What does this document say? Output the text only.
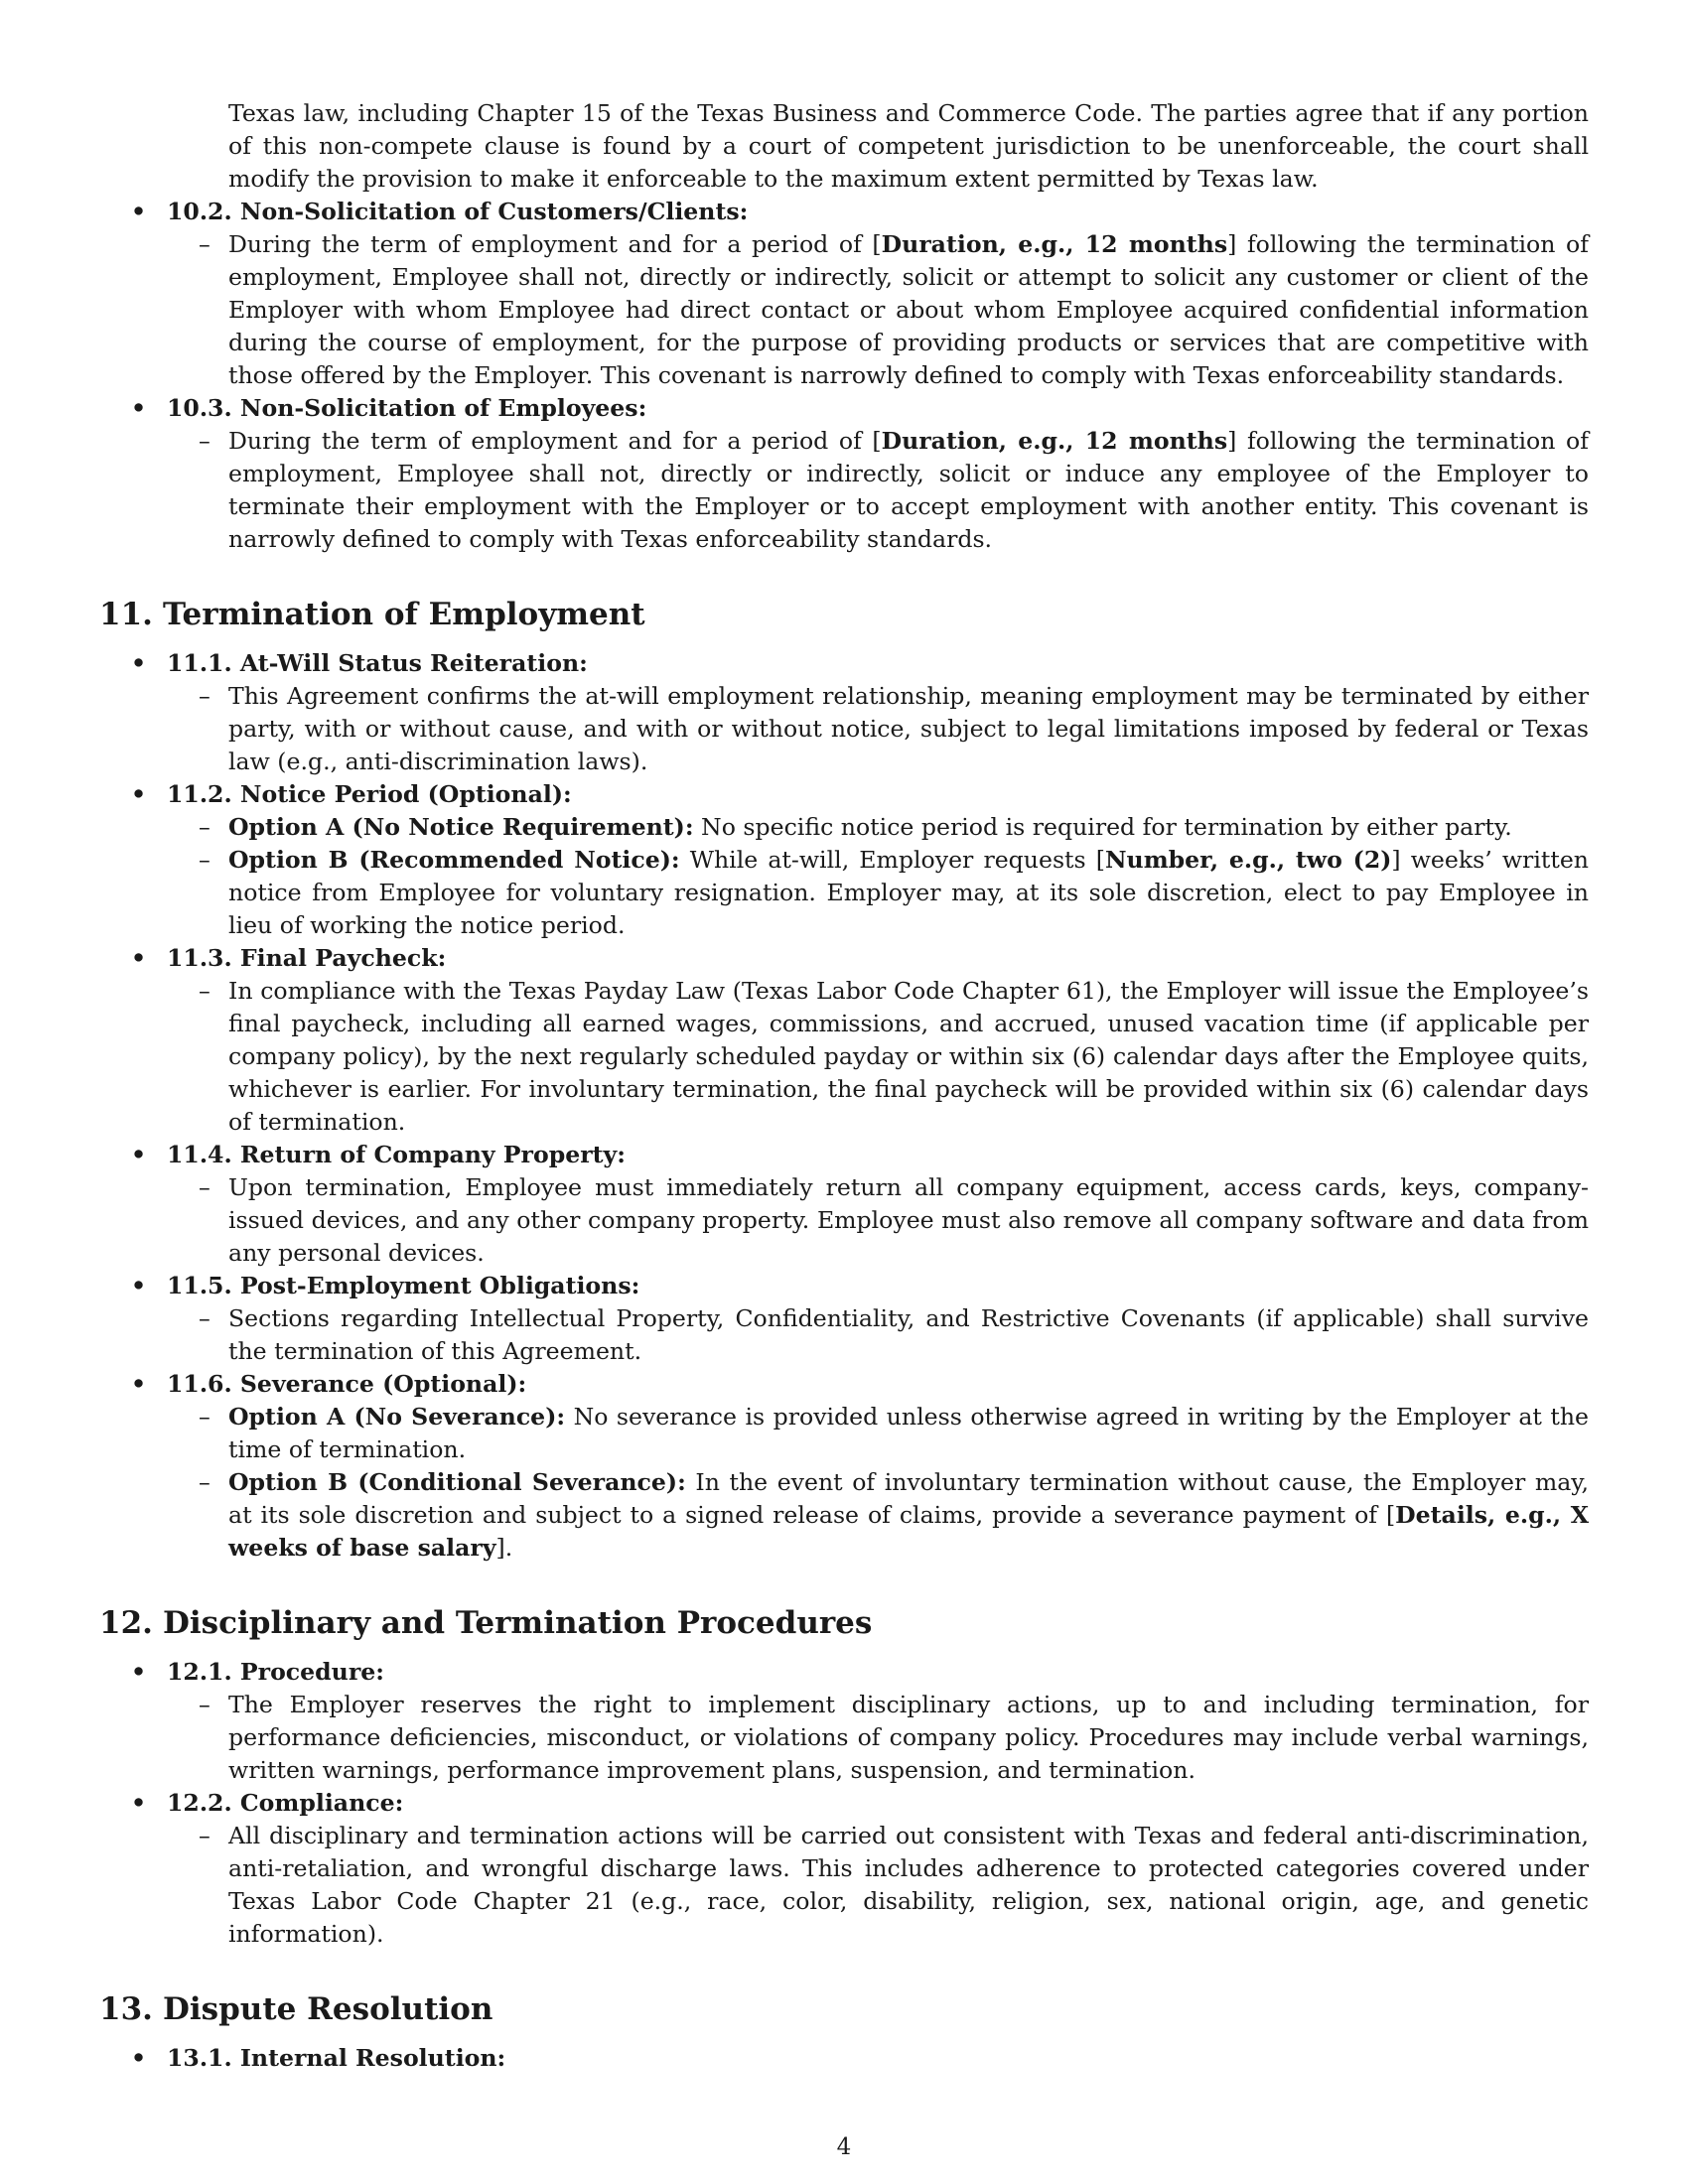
Texas law, including Chapter 15 of the Texas Business and Commerce Code. The parties agree that if any portion of this non-compete clause is found by a court of competent jurisdiction to be unenforceable, the court shall modify the provision to make it enforceable to the maximum extent permitted by Texas law.
• 10.2. Non-Solicitation of Customers/Clients:
– During the term of employment and for a period of [Duration, e.g., 12 months] following the termination of employment, Employee shall not, directly or indirectly, solicit or attempt to solicit any customer or client of the Employer with whom Employee had direct contact or about whom Employee acquired confidential information during the course of employment, for the purpose of providing products or services that are competitive with those offered by the Employer. This covenant is narrowly defined to comply with Texas enforceability standards.
• 10.3. Non-Solicitation of Employees:
– During the term of employment and for a period of [Duration, e.g., 12 months] following the termination of employment, Employee shall not, directly or indirectly, solicit or induce any employee of the Employer to terminate their employment with the Employer or to accept employment with another entity. This covenant is narrowly defined to comply with Texas enforceability standards.
11. Termination of Employment
• 11.1. At-Will Status Reiteration:
– This Agreement confirms the at-will employment relationship, meaning employment may be terminated by either party, with or without cause, and with or without notice, subject to legal limitations imposed by federal or Texas law (e.g., anti-discrimination laws).
• 11.2. Notice Period (Optional):
– Option A (No Notice Requirement): No specific notice period is required for termination by either party.
– Option B (Recommended Notice): While at-will, Employer requests [Number, e.g., two (2)] weeks’ written notice from Employee for voluntary resignation. Employer may, at its sole discretion, elect to pay Employee in lieu of working the notice period.
• 11.3. Final Paycheck:
– In compliance with the Texas Payday Law (Texas Labor Code Chapter 61), the Employer will issue the Employee’s final paycheck, including all earned wages, commissions, and accrued, unused vacation time (if applicable per company policy), by the next regularly scheduled payday or within six (6) calendar days after the Employee quits, whichever is earlier. For involuntary termination, the final paycheck will be provided within six (6) calendar days of termination.
• 11.4. Return of Company Property:
– Upon termination, Employee must immediately return all company equipment, access cards, keys, company-issued devices, and any other company property. Employee must also remove all company software and data from any personal devices.
• 11.5. Post-Employment Obligations:
– Sections regarding Intellectual Property, Confidentiality, and Restrictive Covenants (if applicable) shall survive the termination of this Agreement.
• 11.6. Severance (Optional):
– Option A (No Severance): No severance is provided unless otherwise agreed in writing by the Employer at the time of termination.
– Option B (Conditional Severance): In the event of involuntary termination without cause, the Employer may, at its sole discretion and subject to a signed release of claims, provide a severance payment of [Details, e.g., X weeks of base salary].
12. Disciplinary and Termination Procedures
• 12.1. Procedure:
– The Employer reserves the right to implement disciplinary actions, up to and including termination, for performance deficiencies, misconduct, or violations of company policy. Procedures may include verbal warnings, written warnings, performance improvement plans, suspension, and termination.
• 12.2. Compliance:
– All disciplinary and termination actions will be carried out consistent with Texas and federal anti-discrimination, anti-retaliation, and wrongful discharge laws. This includes adherence to protected categories covered under Texas Labor Code Chapter 21 (e.g., race, color, disability, religion, sex, national origin, age, and genetic information).
13. Dispute Resolution
• 13.1. Internal Resolution:
4
